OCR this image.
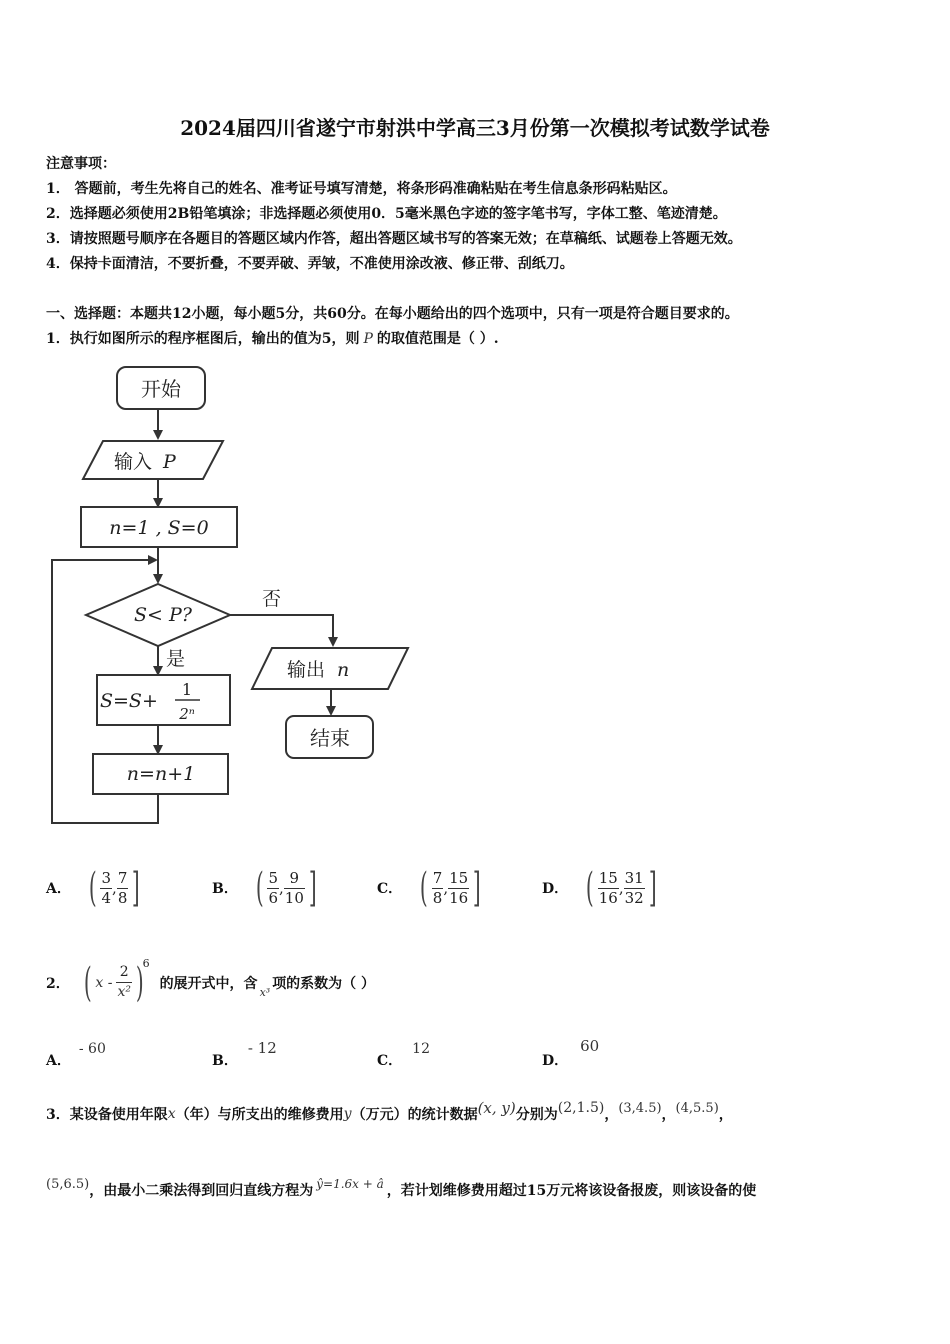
2024届四川省遂宁市射洪中学高三3月份第一次模拟考试数学试卷
注意事项：
1． 答题前，考生先将自己的姓名、准考证号填写清楚，将条形码准确粘贴在考生信息条形码粘贴区。
2．选择题必须使用2B铅笔填涂；非选择题必须使用0．5毫米黑色字迹的签字笔书写，字体工整、笔迹清楚。
3．请按照题号顺序在各题目的答题区域内作答，超出答题区域书写的答案无效；在草稿纸、试题卷上答题无效。
4．保持卡面清洁，不要折叠，不要弄破、弄皱，不准使用涂改液、修正带、刮纸刀。
一、选择题：本题共12小题，每小题5分，共60分。在每小题给出的四个选项中，只有一项是符合题目要求的。
1．执行如图所示的程序框图后，输出的值为5，则 P 的取值范围是（ ）.
开始
输入 P
n=1 , S=0
S< P?
否
是
S=S+
1
2ⁿ
n=n+1
输出 n
结束
A． ( $\frac{3}{4}$ , $\frac{7}{8}$ ]	B． ( $\frac{5}{6}$ , $\frac{9}{10}$ ]	C． ( $\frac{7}{8}$ , $\frac{15}{16}$ ]	D． ( $\frac{15}{16}$ , $\frac{31}{32}$ ]
2． ( x - $\frac{2}{\text{x²}}$ )
6
的展开式中，含
x³
项的系数为（ ）
A．- 60
B．- 12
C．12
D．60
3．某设备使用年限 x （年）与所支出的维修费用 y （万元）的统计数据 (x, y) 分别为 (2,1.5) ， (3,4.5) ， (4,5.5) ，
(5,6.5) ，由最小二乘法得到回归直线方程为 ŷ=1.6x + â ，若计划维修费用超过15万元将该设备报废，则该设备的使
